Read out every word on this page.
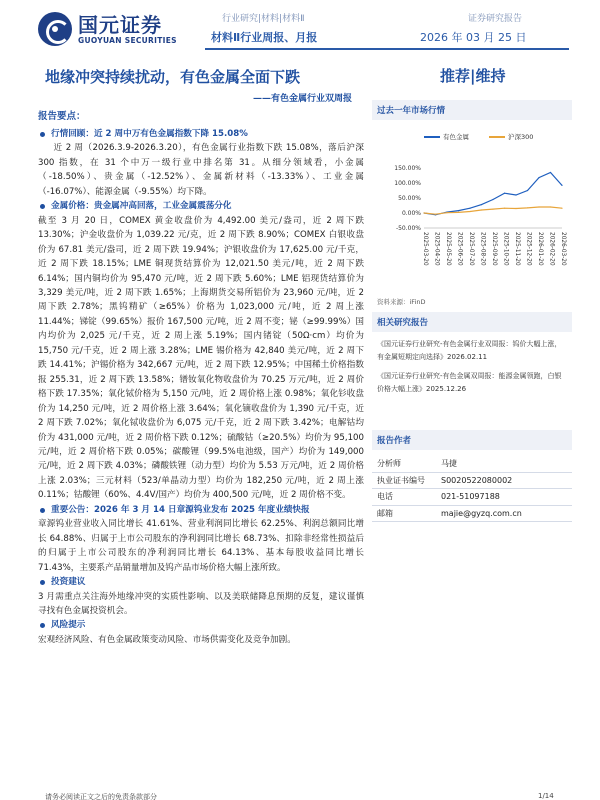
国元证券
GUOYUAN SECURITIES
行业研究|材料|材料Ⅱ	证券研究报告
材料Ⅱ行业周报、月报	2026 年 03 月 25 日
地缘冲突持续扰动，有色金属全面下跌
——有色金属行业双周报
推荐|维持
报告要点：
行情回顾：近 2 周中万有色金属指数下降 15.08%
近 2 周（2026.3.9-2026.3.20），有色金属行业指数下跌 15.08%，落后沪深 300 指数，在 31 个中万一级行业中排名第 31。从细分领域看，小金属（-18.50%）、贵金属（-12.52%）、金属新材料（-13.33%）、工业金属（-16.07%）、能源金属（-9.55%）均下降。
金属价格：贵金属冲高回落，工业金属震荡分化
截至 3 月 20 日，COMEX 黄金收盘价为 4,492.00 美元/盎司，近 2 周下跌 13.30%；沪金收盘价为 1,039.22 元/克，近 2 周下跌 8.90%；COMEX 白银收盘价为 67.81 美元/盎司，近 2 周下跌 19.94%；沪银收盘价为 17,625.00 元/千克，近 2 周下跌 18.15%；LME 铜现货结算价为 12,021.50 美元/吨，近 2 周下跌 6.14%；国内铜均价为 95,470 元/吨，近 2 周下跌 5.60%；LME 铝现货结算价为 3,329 美元/吨，近 2 周下跌 1.65%；上海期货交易所铝价为 23,960 元/吨，近 2 周下跌 2.78%；黑钨精矿（≥65%）价格为 1,023,000 元/吨，近 2 周上涨 11.44%；锑锭（99.65%）报价 167,500 元/吨，近 2 周不变；铋（≥99.99%）国内均价为 2,025 元/千克，近 2 周上涨 5.19%；国内锗锭（50Ω·cm）均价为 15,750 元/千克，近 2 周上涨 3.28%；LME 锡价格为 42,840 美元/吨，近 2 周下跌 14.41%；沪锡价格为 342,667 元/吨，近 2 周下跌 12.95%；中国稀土价格指数报 255.31，近 2 周下跌 13.58%；镨钕氧化物收盘价为 70.25 万元/吨，近 2 周价格下跌 17.35%；氧化铽价格为 5,150 元/吨，近 2 周价格上涨 0.98%；氧化钐收盘价为 14,250 元/吨，近 2 周价格上涨 3.64%；氧化镝收盘价为 1,390 元/千克，近 2 周下跌 7.02%；氧化铽收盘价为 6,075 元/千克，近 2 周下跌 3.42%；电解钴均价为 431,000 元/吨，近 2 周价格下跌 0.12%；硫酸钴（≥20.5%）均价为 95,100 元/吨，近 2 周价格下跌 0.05%；碳酸锂（99.5%电池级，国产）均价为 149,000 元/吨，近 2 周下跌 4.03%；磷酸铁锂（动力型）均价为 5.53 万元/吨，近 2 周价格上涨 2.03%；三元材料（523/单晶动力型）均价为 182,250 元/吨，近 2 周上涨 0.11%；钴酸锂（60%、4.4V/国产）均价为 400,500 元/吨，近 2 周价格不变。
重要公告：2026 年 3 月 14 日章源钨业发布 2025 年度业绩快报
章源钨业营业收入同比增长 41.61%、营业利润同比增长 62.25%、利润总额同比增长 64.88%、归属于上市公司股东的净利润同比增长 68.73%、扣除非经常性损益后的归属于上市公司股东的净利润同比增长 64.13%、基本每股收益同比增长 71.43%，主要系产品销量增加及钨产品市场价格大幅上涨所致。
投资建议
3 月需重点关注海外地缘冲突的实质性影响、以及美联储降息预期的反复，建议谨慎寻找有色金属投资机会。
风险提示
宏观经济风险、有色金属政策变动风险、市场供需变化及竞争加剧。
过去一年市场行情
有色金属	沪深300
150.00%
100.00%
50.00%
0.00%
-50.00%
2025-03-20 2025-04-20 2025-05-20 2025-06-20 2025-07-20 2025-08-20 2025-09-20 2025-10-20 2025-11-20 2025-12-20 2026-01-20 2026-02-20 2026-03-20
资料来源：iFinD
相关研究报告
《国元证券行业研究-有色金属行业双周报：钨价大幅上涨，有金属短期定向选择》2026.02.11
《国元证券行业研究-有色金属双周报：能源金属领跑，白银价格大幅上涨》2025.12.26
报告作者
分析师	马捷
执业证书编号	S0020522080002
电话	021-51097188
邮箱	majie@gyzq.com.cn
请务必阅读正文之后的免责条款部分	1/14
